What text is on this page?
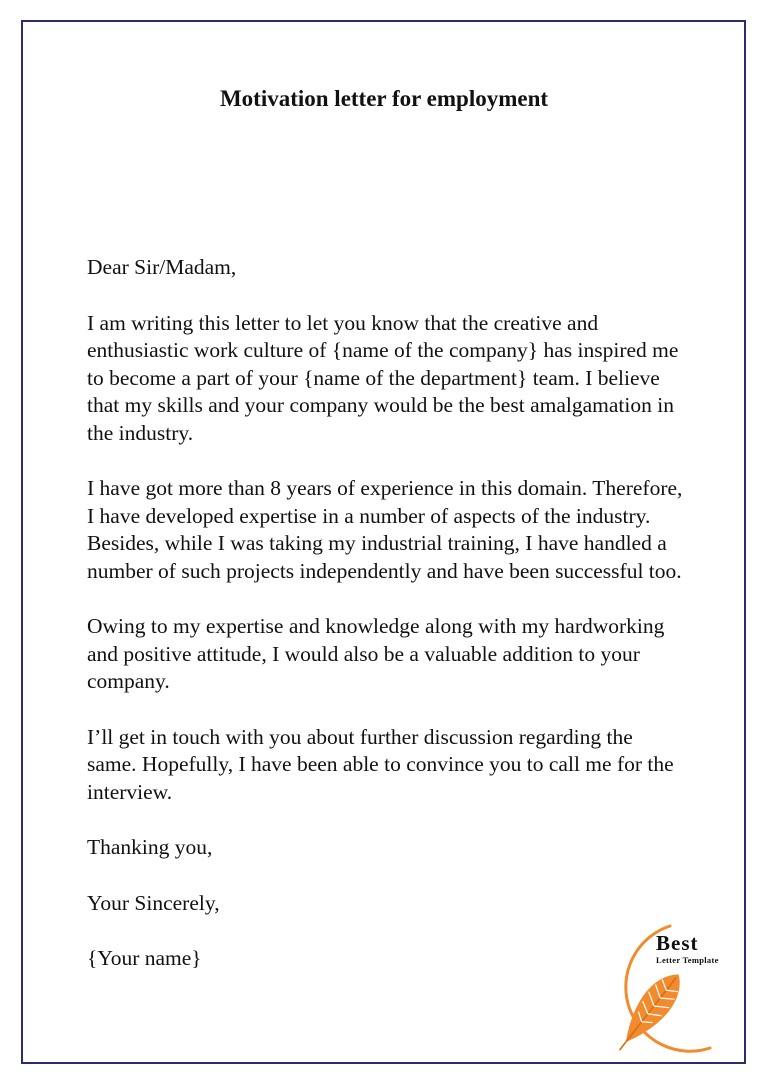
Motivation letter for employment

Dear Sir/Madam,

I am writing this letter to let you know that the creative and enthusiastic work culture of {name of the company} has inspired me to become a part of your {name of the department} team. I believe that my skills and your company would be the best amalgamation in the industry.

I have got more than 8 years of experience in this domain. Therefore, I have developed expertise in a number of aspects of the industry. Besides, while I was taking my industrial training, I have handled a number of such projects independently and have been successful too.

Owing to my expertise and knowledge along with my hardworking and positive attitude, I would also be a valuable addition to your company.

I’ll get in touch with you about further discussion regarding the same. Hopefully, I have been able to convince you to call me for the interview.

Thanking you,

Your Sincerely,

{Your name}

Best
Letter Template
